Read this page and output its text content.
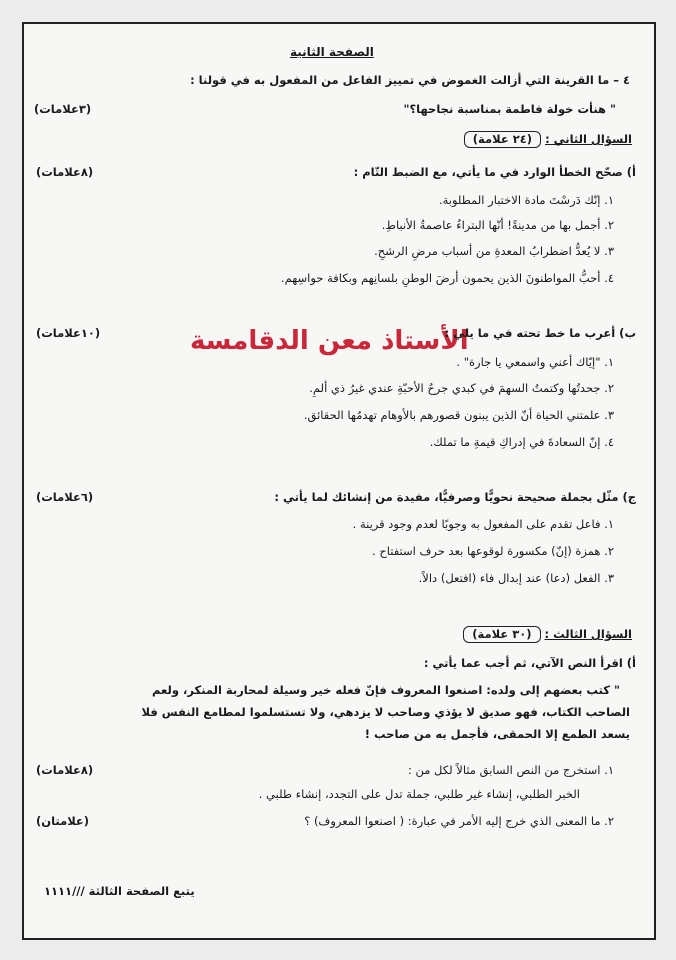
الصفحة الثانية
٤ – ما القرينة التي أزالت الغموض في تمييز الفاعل من المفعول به في قولنا :
" هنأت خولة فاطمة بمناسبة نجاحها؟"
(٣علامات)
السؤال الثاني : (٢٤ علامة)
أ) صحّح الخطأ الوارد في ما يأتي، مع الضبط التّام :
(٨علامات)
١. إنّك دَرسْتَ مادة الاختبار المطلوبة.
٢. أجمل بها من مدينةً! أنّها البتراءُ عاصمةُ الأنباطِ.
٣. لا يُعدُّ اضطرابُ المعدةِ من أسباب مرضِ الرشحِ.
٤. أحبُّ المواطنونَ الذين يحمون أرضَ الوطنِ بلسانِهم وبكافة حواسِهم.
الأستاذ معن الدقامسة
ب) أعرب ما خط تحته في ما يلي :
(١٠علامات)
١. "إيّاك أعني واسمعي يا جارة" .
٢. جحدتُها وكتمتُ السهمَ في كبدي جرحُ الأحبّةِ عندي غيرُ ذي ألمِ.
٣. علمتني الحياة أنّ الذين يبنون قصورهم بالأوهام تهدمُها الحقائق.
٤. إنّ السعادةَ في إدراكِ قيمةِ ما تملك.
ج) مثّل بجملة صحيحة نحويًّا وصرفيًّا، مفيدة من إنشائك لما يأتي :
(٦علامات)
١. فاعل تقدم على المفعول به وجوبًا لعدم وجود قرينة .
٢. همزة (إنّ) مكسورة لوقوعها بعد حرف استفتاح .
٣. الفعل (دعا) عند إبدال فاء (افتعل) دالاً.
السؤال الثالث : (٣٠ علامة)
أ) اقرأ النص الآتي، ثم أجب عما يأتي :
" كتب بعضهم إلى ولده: اصنعوا المعروف فإنّ فعله خير وسيلة لمحاربة المنكر، ولعم
الصاحب الكتاب، فهو صديق لا يؤذي وصاحب لا يزدهي، ولا تستسلموا لمطامع النفس فلا
يسعد الطمع إلا الحمقى، فأجمل به من صاحب !
١. استخرج من النص السابق مثالاً لكل من :
(٨علامات)
الخبر الطلبي، إنشاء غير طلبي، جملة تدل على التجدد، إنشاء طلبي .
٢. ما المعنى الذي خرج إليه الأمر في عبارة: ( اصنعوا المعروف) ؟
(علامتان)
يتبع الصفحة الثالثة ///١١١١
